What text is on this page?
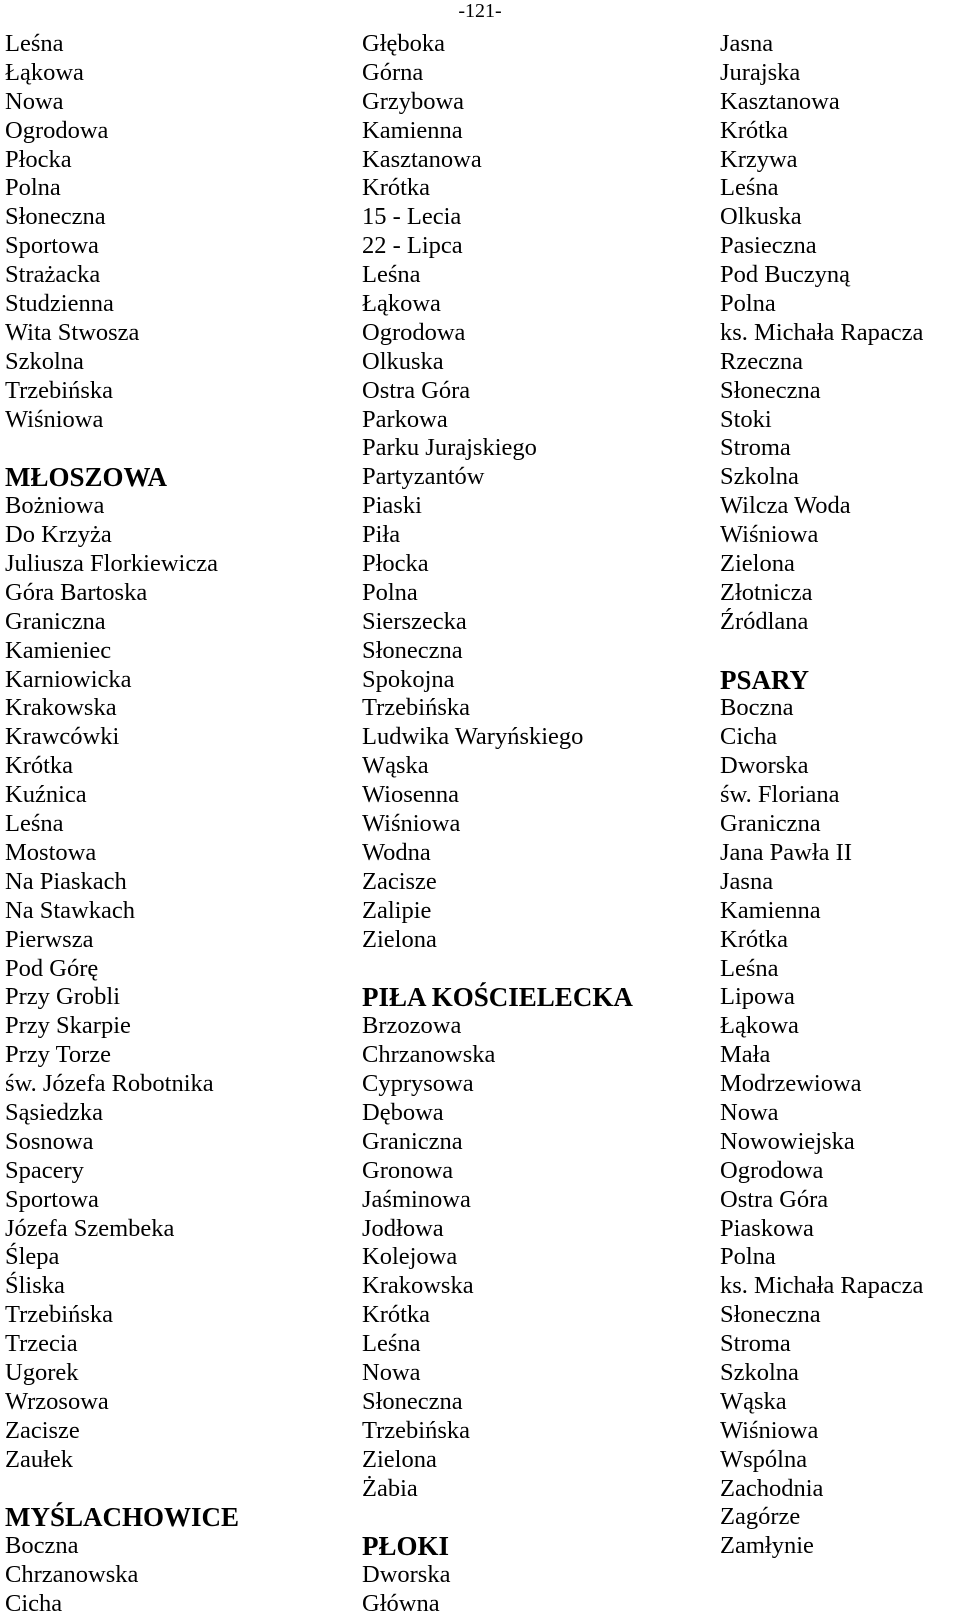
-121-
Leśna
Łąkowa
Nowa
Ogrodowa
Płocka
Polna
Słoneczna
Sportowa
Strażacka
Studzienna
Wita Stwosza
Szkolna
Trzebińska
Wiśniowa

MŁOSZOWA
Bożniowa
Do Krzyża
Juliusza Florkiewicza
Góra Bartoska
Graniczna
Kamieniec
Karniowicka
Krakowska
Krawcówki
Krótka
Kuźnica
Leśna
Mostowa
Na Piaskach
Na Stawkach
Pierwsza
Pod Górę
Przy Grobli
Przy Skarpie
Przy Torze
św. Józefa Robotnika
Sąsiedzka
Sosnowa
Spacery
Sportowa
Józefa Szembeka
Ślepa
Śliska
Trzebińska
Trzecia
Ugorek
Wrzosowa
Zacisze
Zaułek

MYŚLACHOWICE
Boczna
Chrzanowska
Cicha
Głęboka
Górna
Grzybowa
Kamienna
Kasztanowa
Krótka
15 - Lecia
22 - Lipca
Leśna
Łąkowa
Ogrodowa
Olkuska
Ostra Góra
Parkowa
Parku Jurajskiego
Partyzantów
Piaski
Piła
Płocka
Polna
Sierszecka
Słoneczna
Spokojna
Trzebińska
Ludwika Waryńskiego
Wąska
Wiosenna
Wiśniowa
Wodna
Zacisze
Zalipie
Zielona

PIŁA KOŚCIELECKA
Brzozowa
Chrzanowska
Cyprysowa
Dębowa
Graniczna
Gronowa
Jaśminowa
Jodłowa
Kolejowa
Krakowska
Krótka
Leśna
Nowa
Słoneczna
Trzebińska
Zielona
Żabia

PŁOKI
Dworska
Główna
Jasna
Jurajska
Kasztanowa
Krótka
Krzywa
Leśna
Olkuska
Pasieczna
Pod Buczyną
Polna
ks. Michała Rapacza
Rzeczna
Słoneczna
Stoki
Stroma
Szkolna
Wilcza Woda
Wiśniowa
Zielona
Złotnicza
Źródlana

PSARY
Boczna
Cicha
Dworska
św. Floriana
Graniczna
Jana Pawła II
Jasna
Kamienna
Krótka
Leśna
Lipowa
Łąkowa
Mała
Modrzewiowa
Nowa
Nowowiejska
Ogrodowa
Ostra Góra
Piaskowa
Polna
ks. Michała Rapacza
Słoneczna
Stroma
Szkolna
Wąska
Wiśniowa
Wspólna
Zachodnia
Zagórze
Zamłynie
